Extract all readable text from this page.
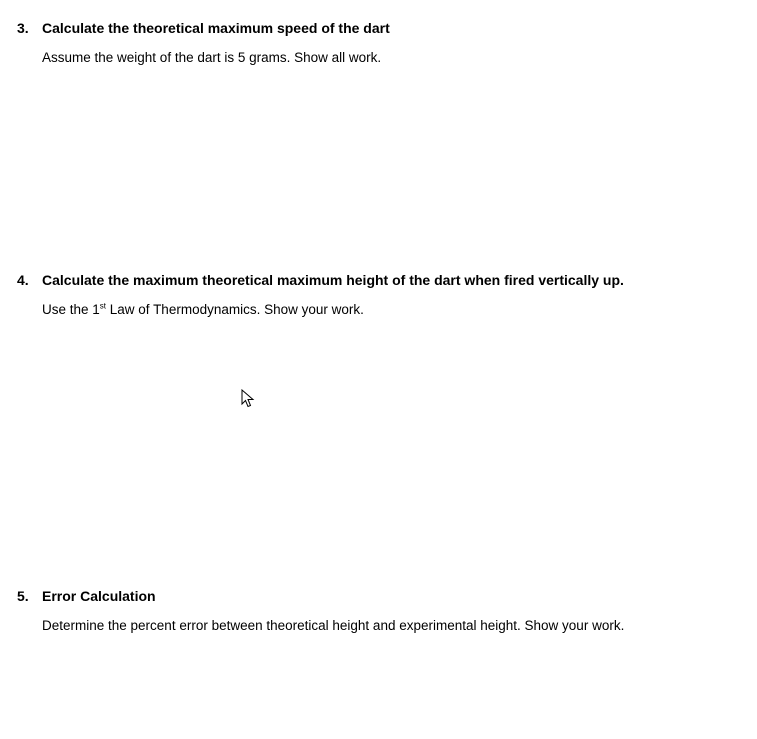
3. Calculate the theoretical maximum speed of the dart
Assume the weight of the dart is 5 grams. Show all work.
4. Calculate the maximum theoretical maximum height of the dart when fired vertically up.
Use the 1st Law of Thermodynamics. Show your work.
5. Error Calculation
Determine the percent error between theoretical height and experimental height. Show your work.
